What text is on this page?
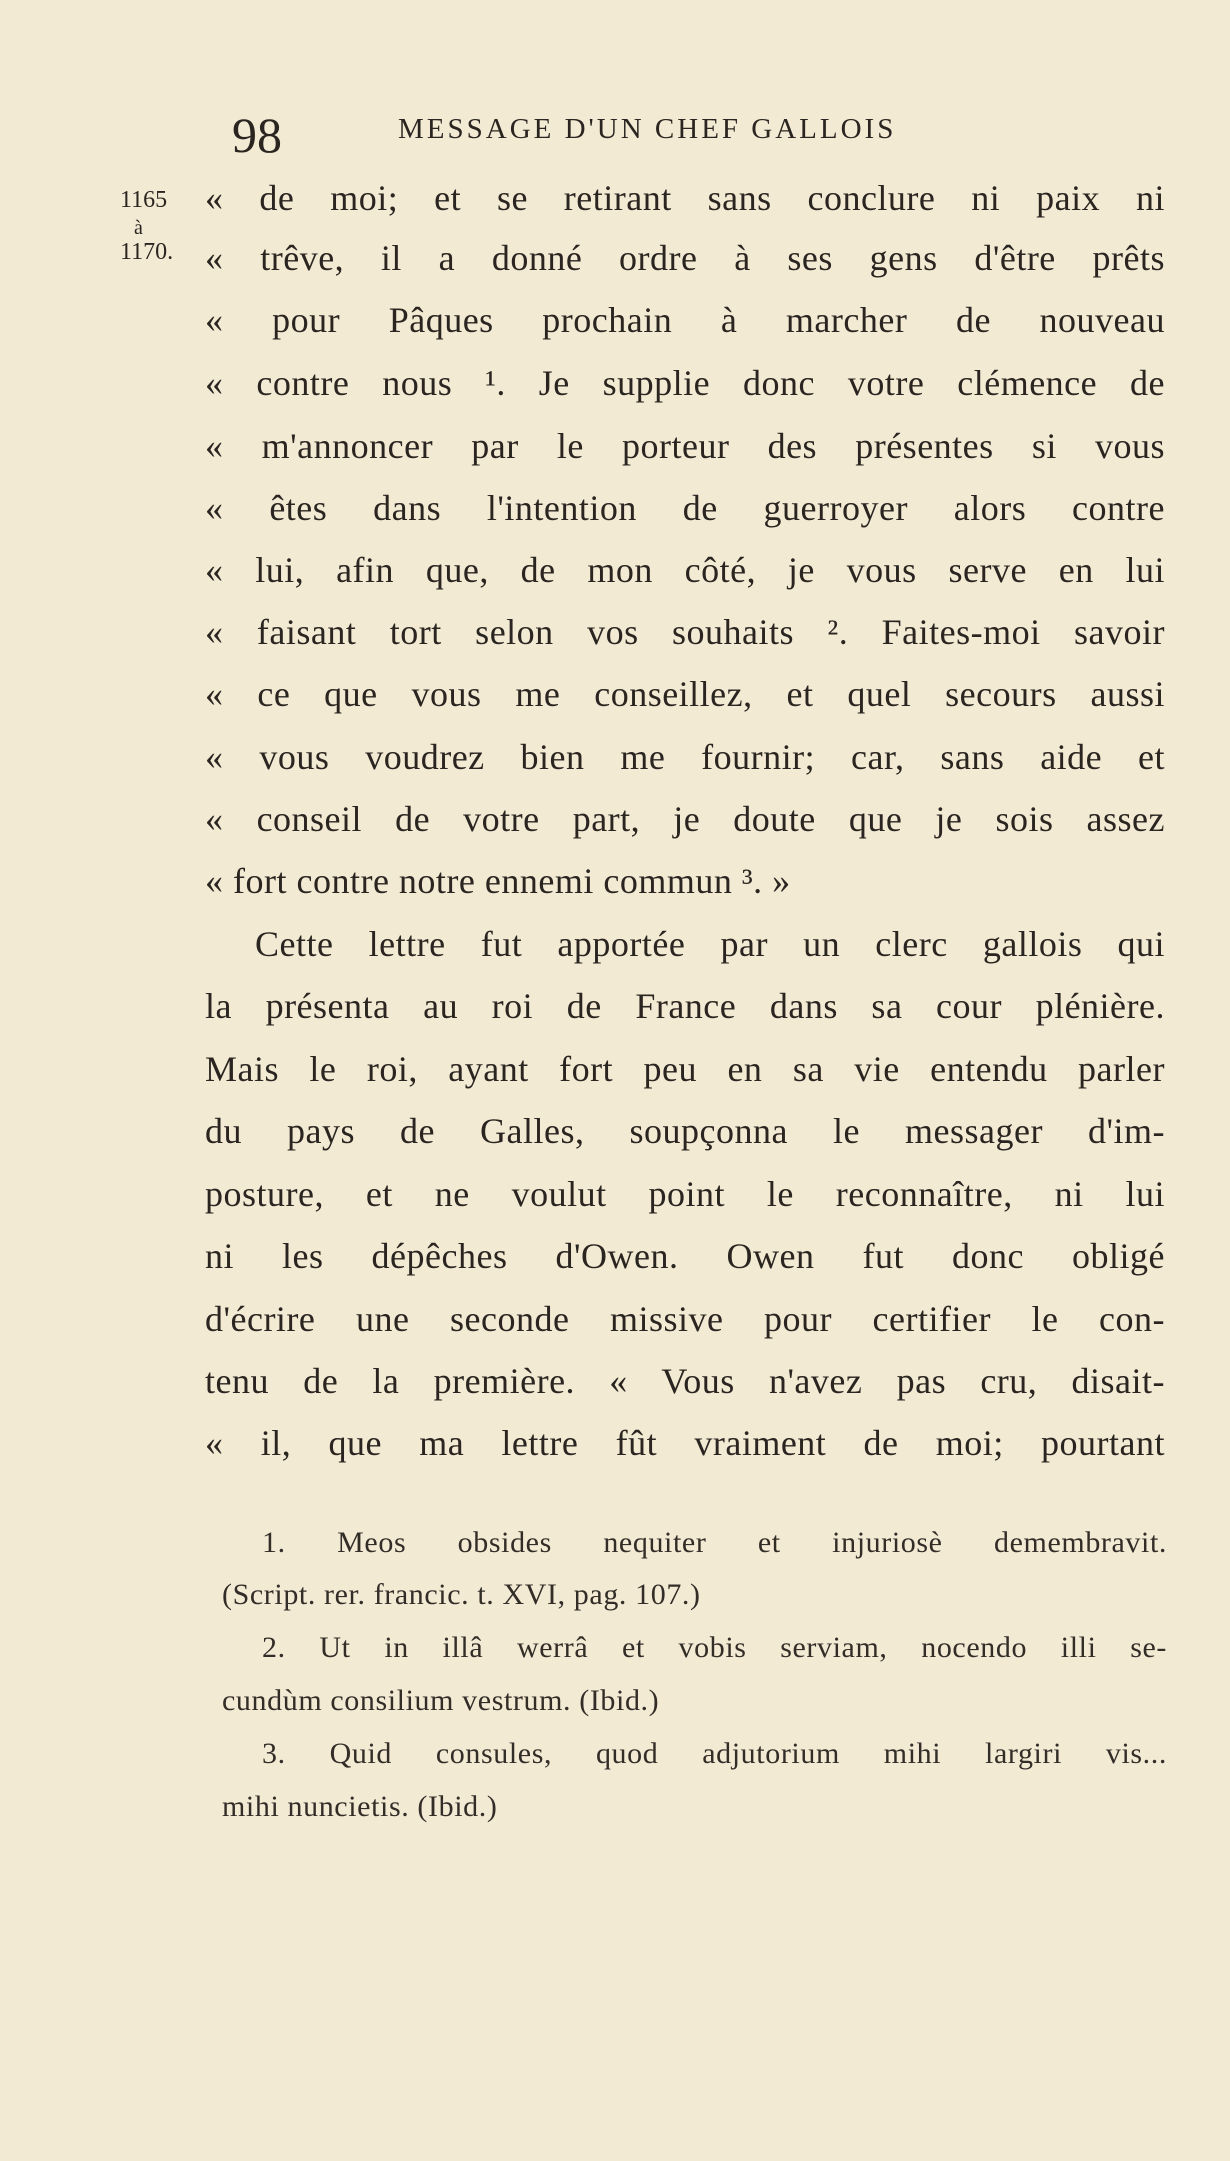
98	MESSAGE D'UN CHEF GALLOIS
1165
à
1170.
« de moi; et se retirant sans conclure ni paix ni
« trêve, il a donné ordre à ses gens d'être prêts
« pour Pâques prochain à marcher de nouveau
« contre nous ¹. Je supplie donc votre clémence de
« m'annoncer par le porteur des présentes si vous
« êtes dans l'intention de guerroyer alors contre
« lui, afin que, de mon côté, je vous serve en lui
« faisant tort selon vos souhaits ². Faites-moi savoir
« ce que vous me conseillez, et quel secours aussi
« vous voudrez bien me fournir; car, sans aide et
« conseil de votre part, je doute que je sois assez
« fort contre notre ennemi commun ³. »
Cette lettre fut apportée par un clerc gallois qui
la présenta au roi de France dans sa cour plénière.
Mais le roi, ayant fort peu en sa vie entendu parler
du pays de Galles, soupçonna le messager d'im-
posture, et ne voulut point le reconnaître, ni lui
ni les dépêches d'Owen. Owen fut donc obligé
d'écrire une seconde missive pour certifier le con-
tenu de la première. « Vous n'avez pas cru, disait-
« il, que ma lettre fût vraiment de moi; pourtant
1. Meos obsides nequiter et injuriosè demembravit.
(Script. rer. francic. t. XVI, pag. 107.)
2. Ut in illâ werrâ et vobis serviam, nocendo illi se-
cundùm consilium vestrum. (Ibid.)
3. Quid consules, quod adjutorium mihi largiri vis...
mihi nuncietis. (Ibid.)
